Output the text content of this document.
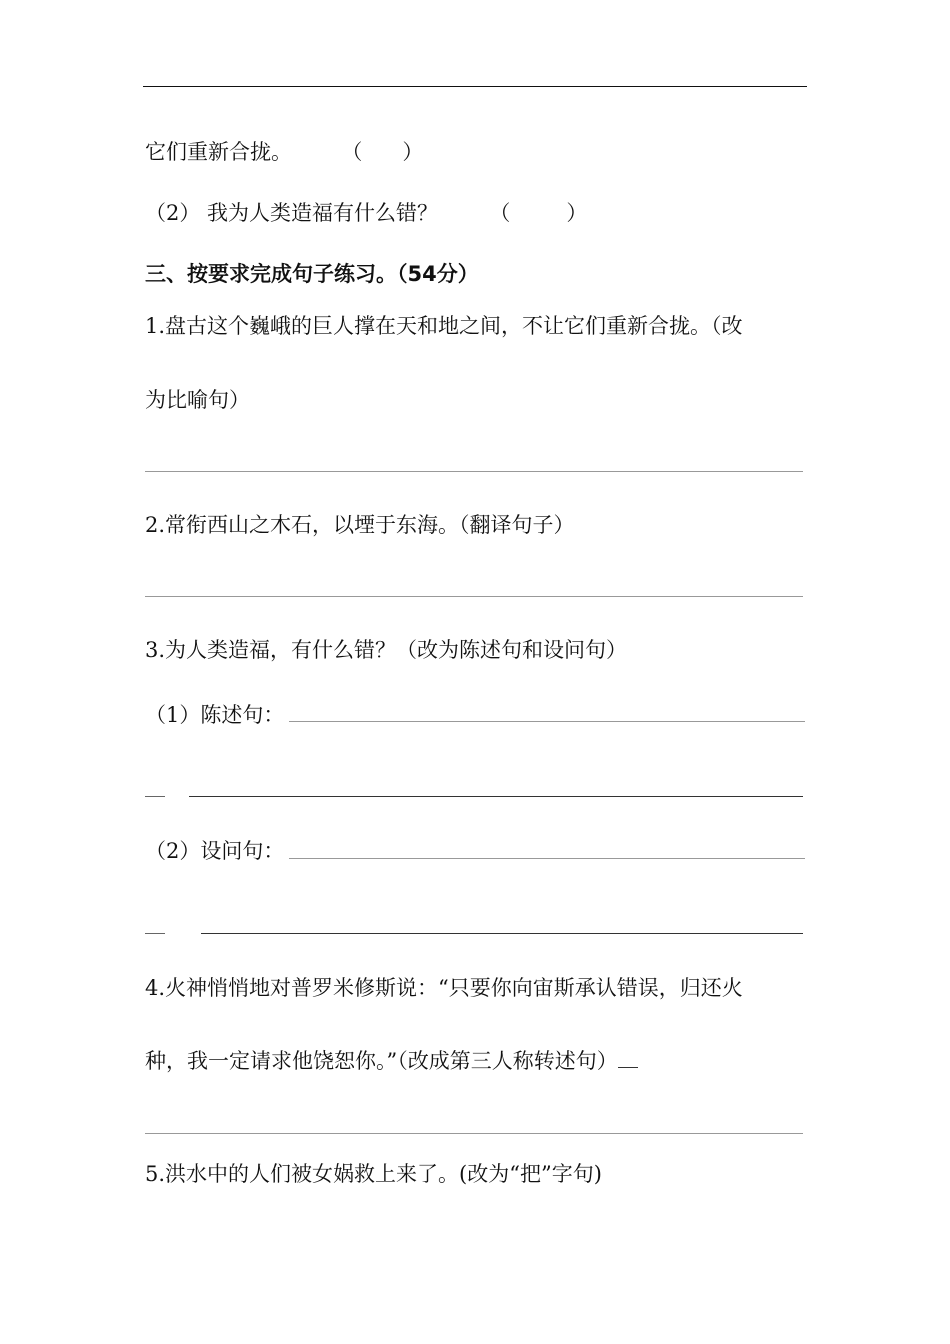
它们重新合拢。 （ ）
（2） 我为人类造福有什么错？ （	）
三、按要求完成句子练习。（54分）
1.盘古这个巍峨的巨人撑在天和地之间，不让它们重新合拢。（改
为比喻句）
2.常衔西山之木石，以堙于东海。（翻译句子）
3.为人类造福，有什么错？（改为陈述句和设问句）
（1）陈述句：
（2）设问句：
4.火神悄悄地对普罗米修斯说：“只要你向宙斯承认错误，归还火
种，我一定请求他饶恕你。”（改成第三人称转述句）
5.洪水中的人们被女娲救上来了。(改为“把”字句)
